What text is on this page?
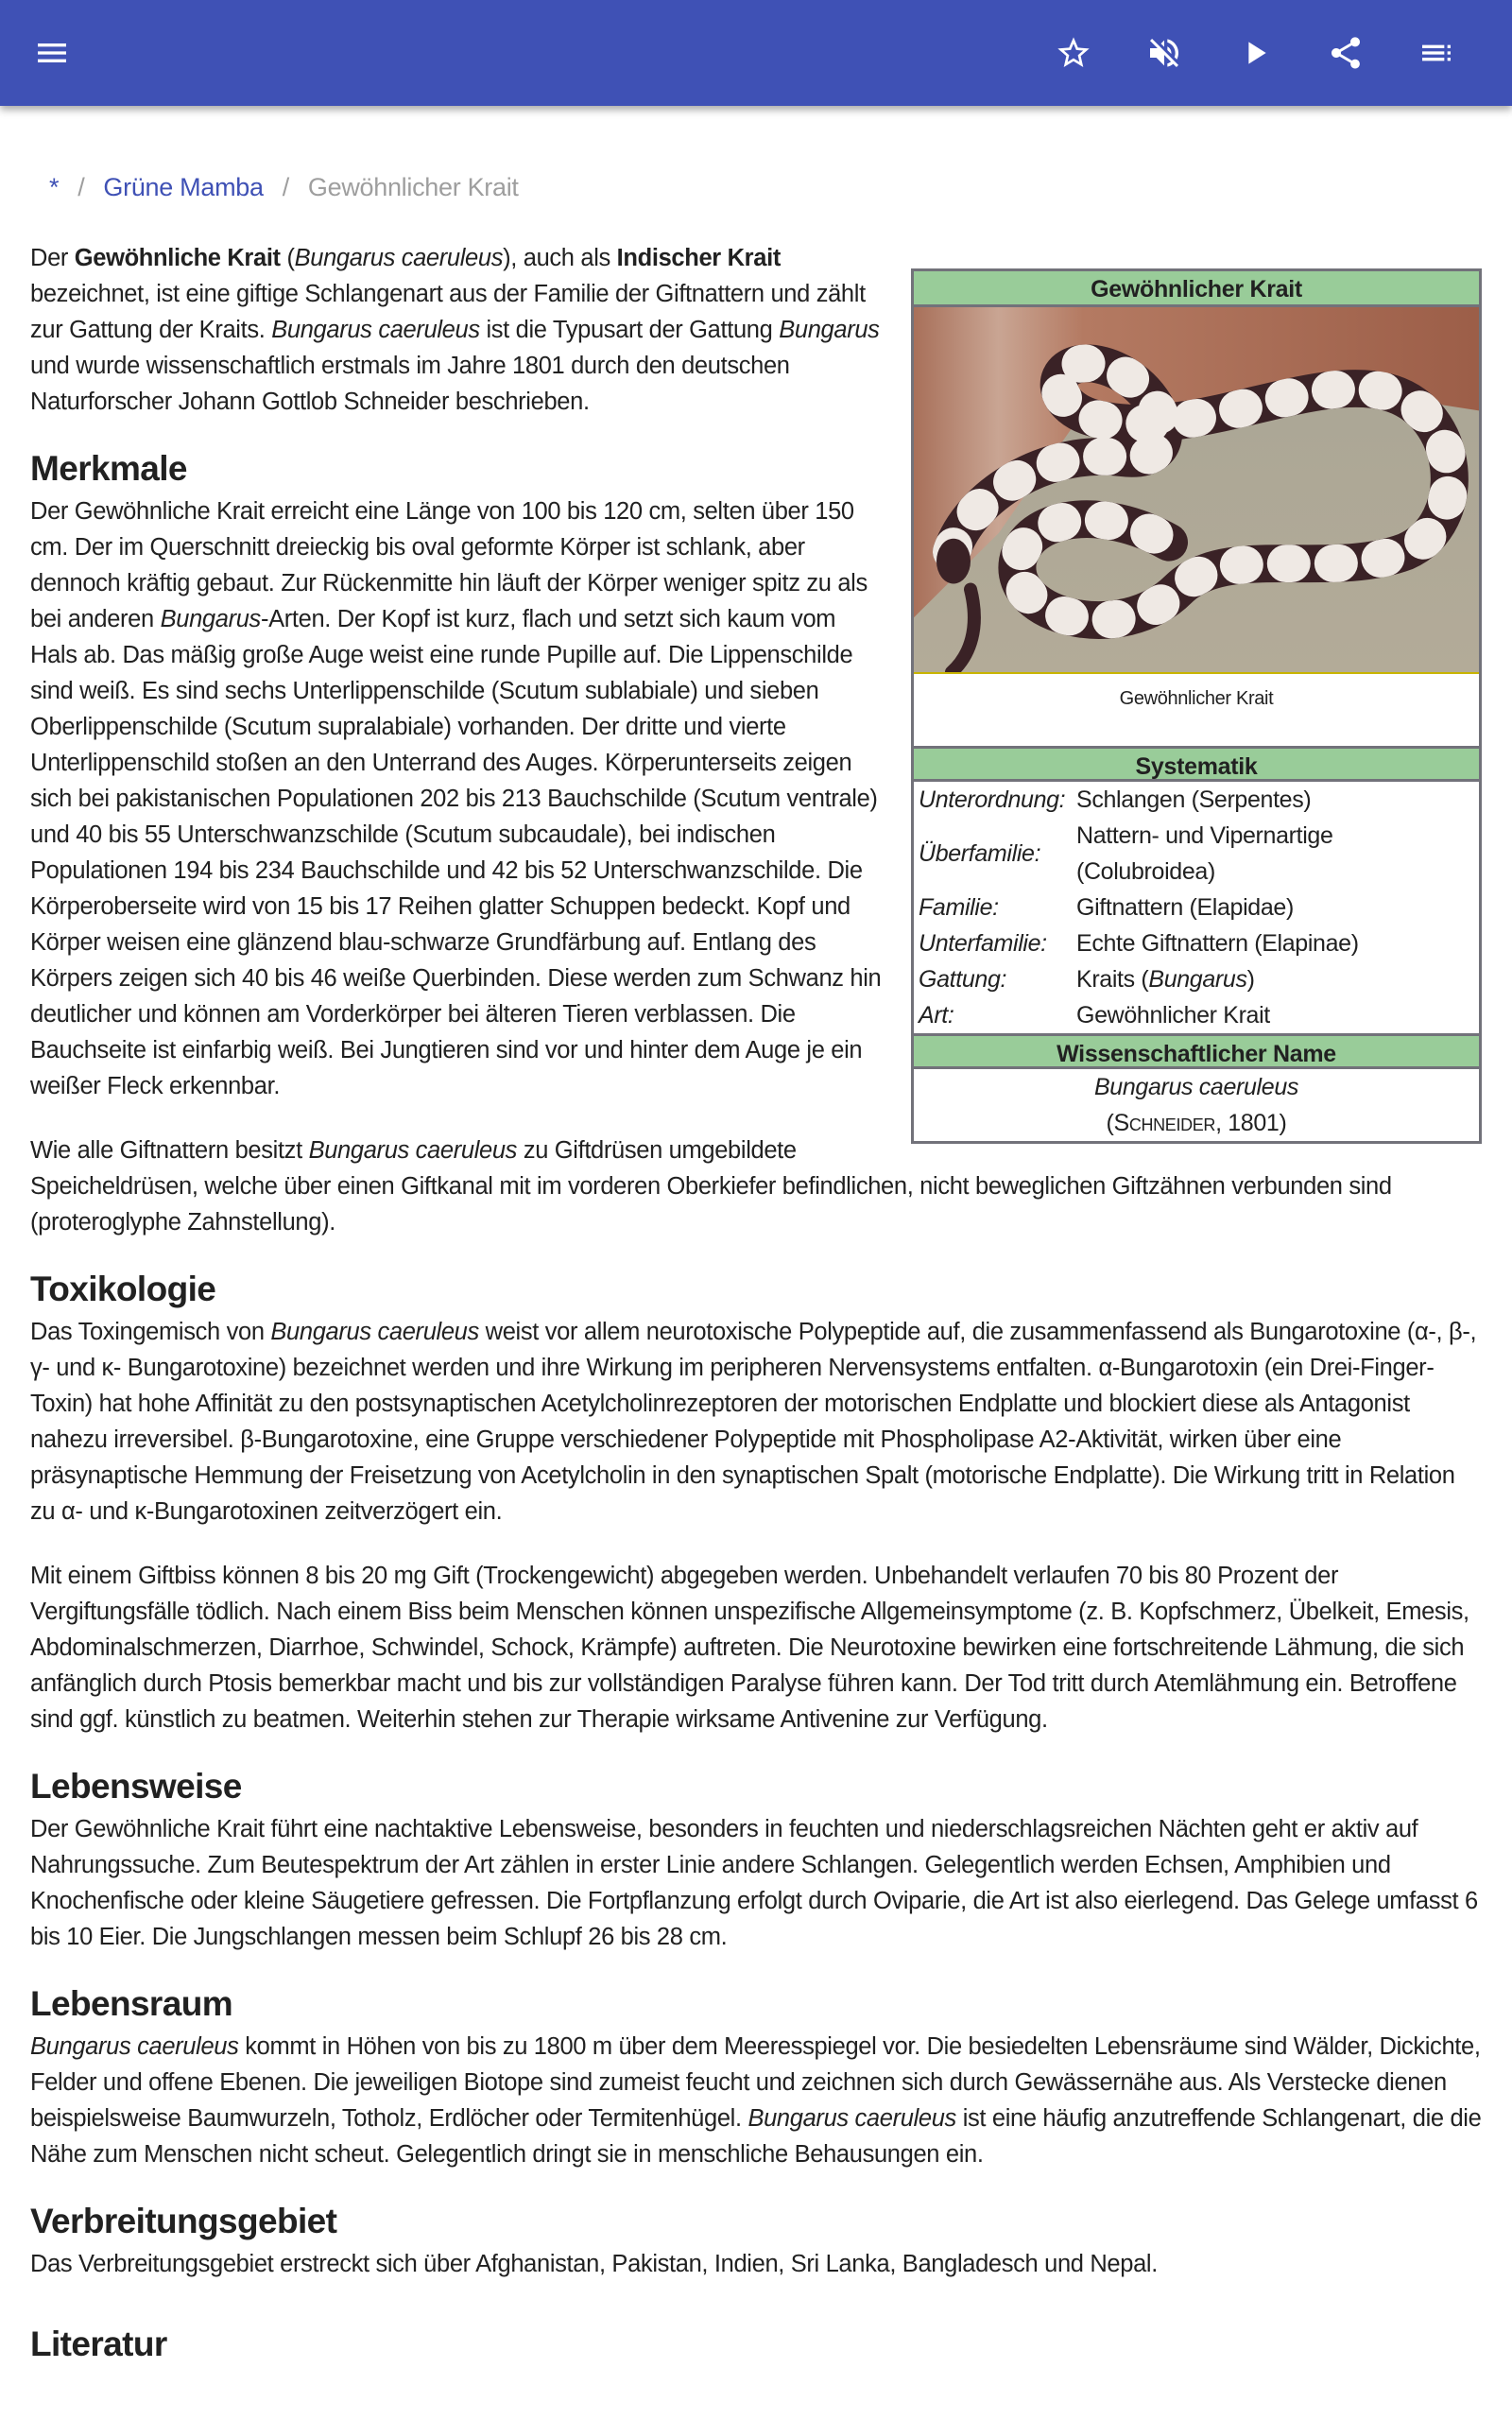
* / Grüne Mamba / Gewöhnlicher Krait
Gewöhnlicher Krait
Gewöhnlicher Krait
Systematik
Unterordnung:	Schlangen (Serpentes)
Überfamilie:	Nattern- und Vipernartige (Colubroidea)
Familie:	Giftnattern (Elapidae)
Unterfamilie:	Echte Giftnattern (Elapinae)
Gattung:	Kraits (Bungarus)
Art:	Gewöhnlicher Krait
Wissenschaftlicher Name
Bungarus caeruleus
(Schneider, 1801)

Der Gewöhnliche Krait (Bungarus caeruleus), auch als Indischer Krait bezeichnet, ist eine giftige Schlangenart aus der Familie der Giftnattern und zählt zur Gattung der Kraits. Bungarus caeruleus ist die Typusart der Gattung Bungarus und wurde wissenschaftlich erstmals im Jahre 1801 durch den deutschen Naturforscher Johann Gottlob Schneider beschrieben.

Merkmale

Der Gewöhnliche Krait erreicht eine Länge von 100 bis 120 cm, selten über 150 cm. Der im Querschnitt dreieckig bis oval geformte Körper ist schlank, aber dennoch kräftig gebaut. Zur Rückenmitte hin läuft der Körper weniger spitz zu als bei anderen Bungarus-Arten. Der Kopf ist kurz, flach und setzt sich kaum vom Hals ab. Das mäßig große Auge weist eine runde Pupille auf. Die Lippenschilde sind weiß. Es sind sechs Unterlippenschilde (Scutum sublabiale) und sieben Oberlippenschilde (Scutum supralabiale) vorhanden. Der dritte und vierte Unterlippenschild stoßen an den Unterrand des Auges. Körperunterseits zeigen sich bei pakistanischen Populationen 202 bis 213 Bauchschilde (Scutum ventrale) und 40 bis 55 Unterschwanzschilde (Scutum subcaudale), bei indischen Populationen 194 bis 234 Bauchschilde und 42 bis 52 Unterschwanzschilde. Die Körperoberseite wird von 15 bis 17 Reihen glatter Schuppen bedeckt. Kopf und Körper weisen eine glänzend blau-schwarze Grundfärbung auf. Entlang des Körpers zeigen sich 40 bis 46 weiße Querbinden. Diese werden zum Schwanz hin deutlicher und können am Vorderkörper bei älteren Tieren verblassen. Die Bauchseite ist einfarbig weiß. Bei Jungtieren sind vor und hinter dem Auge je ein weißer Fleck erkennbar.

Wie alle Giftnattern besitzt Bungarus caeruleus zu Giftdrüsen umgebildete Speicheldrüsen, welche über einen Giftkanal mit im vorderen Oberkiefer befindlichen, nicht beweglichen Giftzähnen verbunden sind (proteroglyphe Zahnstellung).

Toxikologie

Das Toxingemisch von Bungarus caeruleus weist vor allem neurotoxische Polypeptide auf, die zusammenfassend als Bungarotoxine (α-, β-, γ- und κ- Bungarotoxine) bezeichnet werden und ihre Wirkung im peripheren Nervensystems entfalten. α-Bungarotoxin (ein Drei-Finger-Toxin) hat hohe Affinität zu den postsynaptischen Acetylcholinrezeptoren der motorischen Endplatte und blockiert diese als Antagonist nahezu irreversibel. β-Bungarotoxine, eine Gruppe verschiedener Polypeptide mit Phospholipase A2-Aktivität, wirken über eine präsynaptische Hemmung der Freisetzung von Acetylcholin in den synaptischen Spalt (motorische Endplatte). Die Wirkung tritt in Relation zu α- und κ-Bungarotoxinen zeitverzögert ein.

Mit einem Giftbiss können 8 bis 20 mg Gift (Trockengewicht) abgegeben werden. Unbehandelt verlaufen 70 bis 80 Prozent der Vergiftungsfälle tödlich. Nach einem Biss beim Menschen können unspezifische Allgemeinsymptome (z. B. Kopfschmerz, Übelkeit, Emesis, Abdominalschmerzen, Diarrhoe, Schwindel, Schock, Krämpfe) auftreten. Die Neurotoxine bewirken eine fortschreitende Lähmung, die sich anfänglich durch Ptosis bemerkbar macht und bis zur vollständigen Paralyse führen kann. Der Tod tritt durch Atemlähmung ein. Betroffene sind ggf. künstlich zu beatmen. Weiterhin stehen zur Therapie wirksame Antivenine zur Verfügung.

Lebensweise

Der Gewöhnliche Krait führt eine nachtaktive Lebensweise, besonders in feuchten und niederschlagsreichen Nächten geht er aktiv auf Nahrungssuche. Zum Beutespektrum der Art zählen in erster Linie andere Schlangen. Gelegentlich werden Echsen, Amphibien und Knochenfische oder kleine Säugetiere gefressen. Die Fortpflanzung erfolgt durch Oviparie, die Art ist also eierlegend. Das Gelege umfasst 6 bis 10 Eier. Die Jungschlangen messen beim Schlupf 26 bis 28 cm.

Lebensraum

Bungarus caeruleus kommt in Höhen von bis zu 1800 m über dem Meeresspiegel vor. Die besiedelten Lebensräume sind Wälder, Dickichte, Felder und offene Ebenen. Die jeweiligen Biotope sind zumeist feucht und zeichnen sich durch Gewässernähe aus. Als Verstecke dienen beispielsweise Baumwurzeln, Totholz, Erdlöcher oder Termitenhügel. Bungarus caeruleus ist eine häufig anzutreffende Schlangenart, die die Nähe zum Menschen nicht scheut. Gelegentlich dringt sie in menschliche Behausungen ein.

Verbreitungsgebiet

Das Verbreitungsgebiet erstreckt sich über Afghanistan, Pakistan, Indien, Sri Lanka, Bangladesch und Nepal.

Literatur
